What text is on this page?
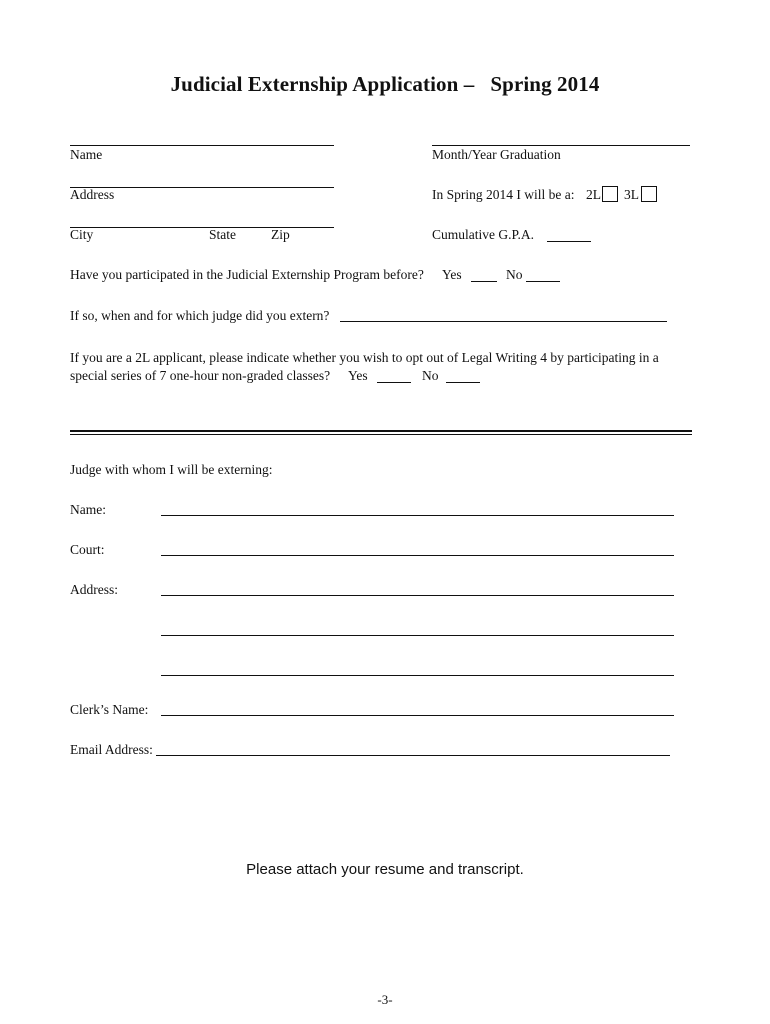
Judicial Externship Application –   Spring 2014
Name	Month/Year Graduation
Address	In Spring 2014 I will be a: 2L 3L
City	State	Zip	Cumulative G.P.A.
Have you participated in the Judicial Externship Program before? Yes	No
If so, when and for which judge did you extern?
If you are a 2L applicant, please indicate whether you wish to opt out of Legal Writing 4 by participating in a
special series of 7 one-hour non-graded classes? Yes	No
Judge with whom I will be externing:
Name:
Court:
Address:
Clerk’s Name:
Email Address:
Please attach your resume and transcript.
-3-
